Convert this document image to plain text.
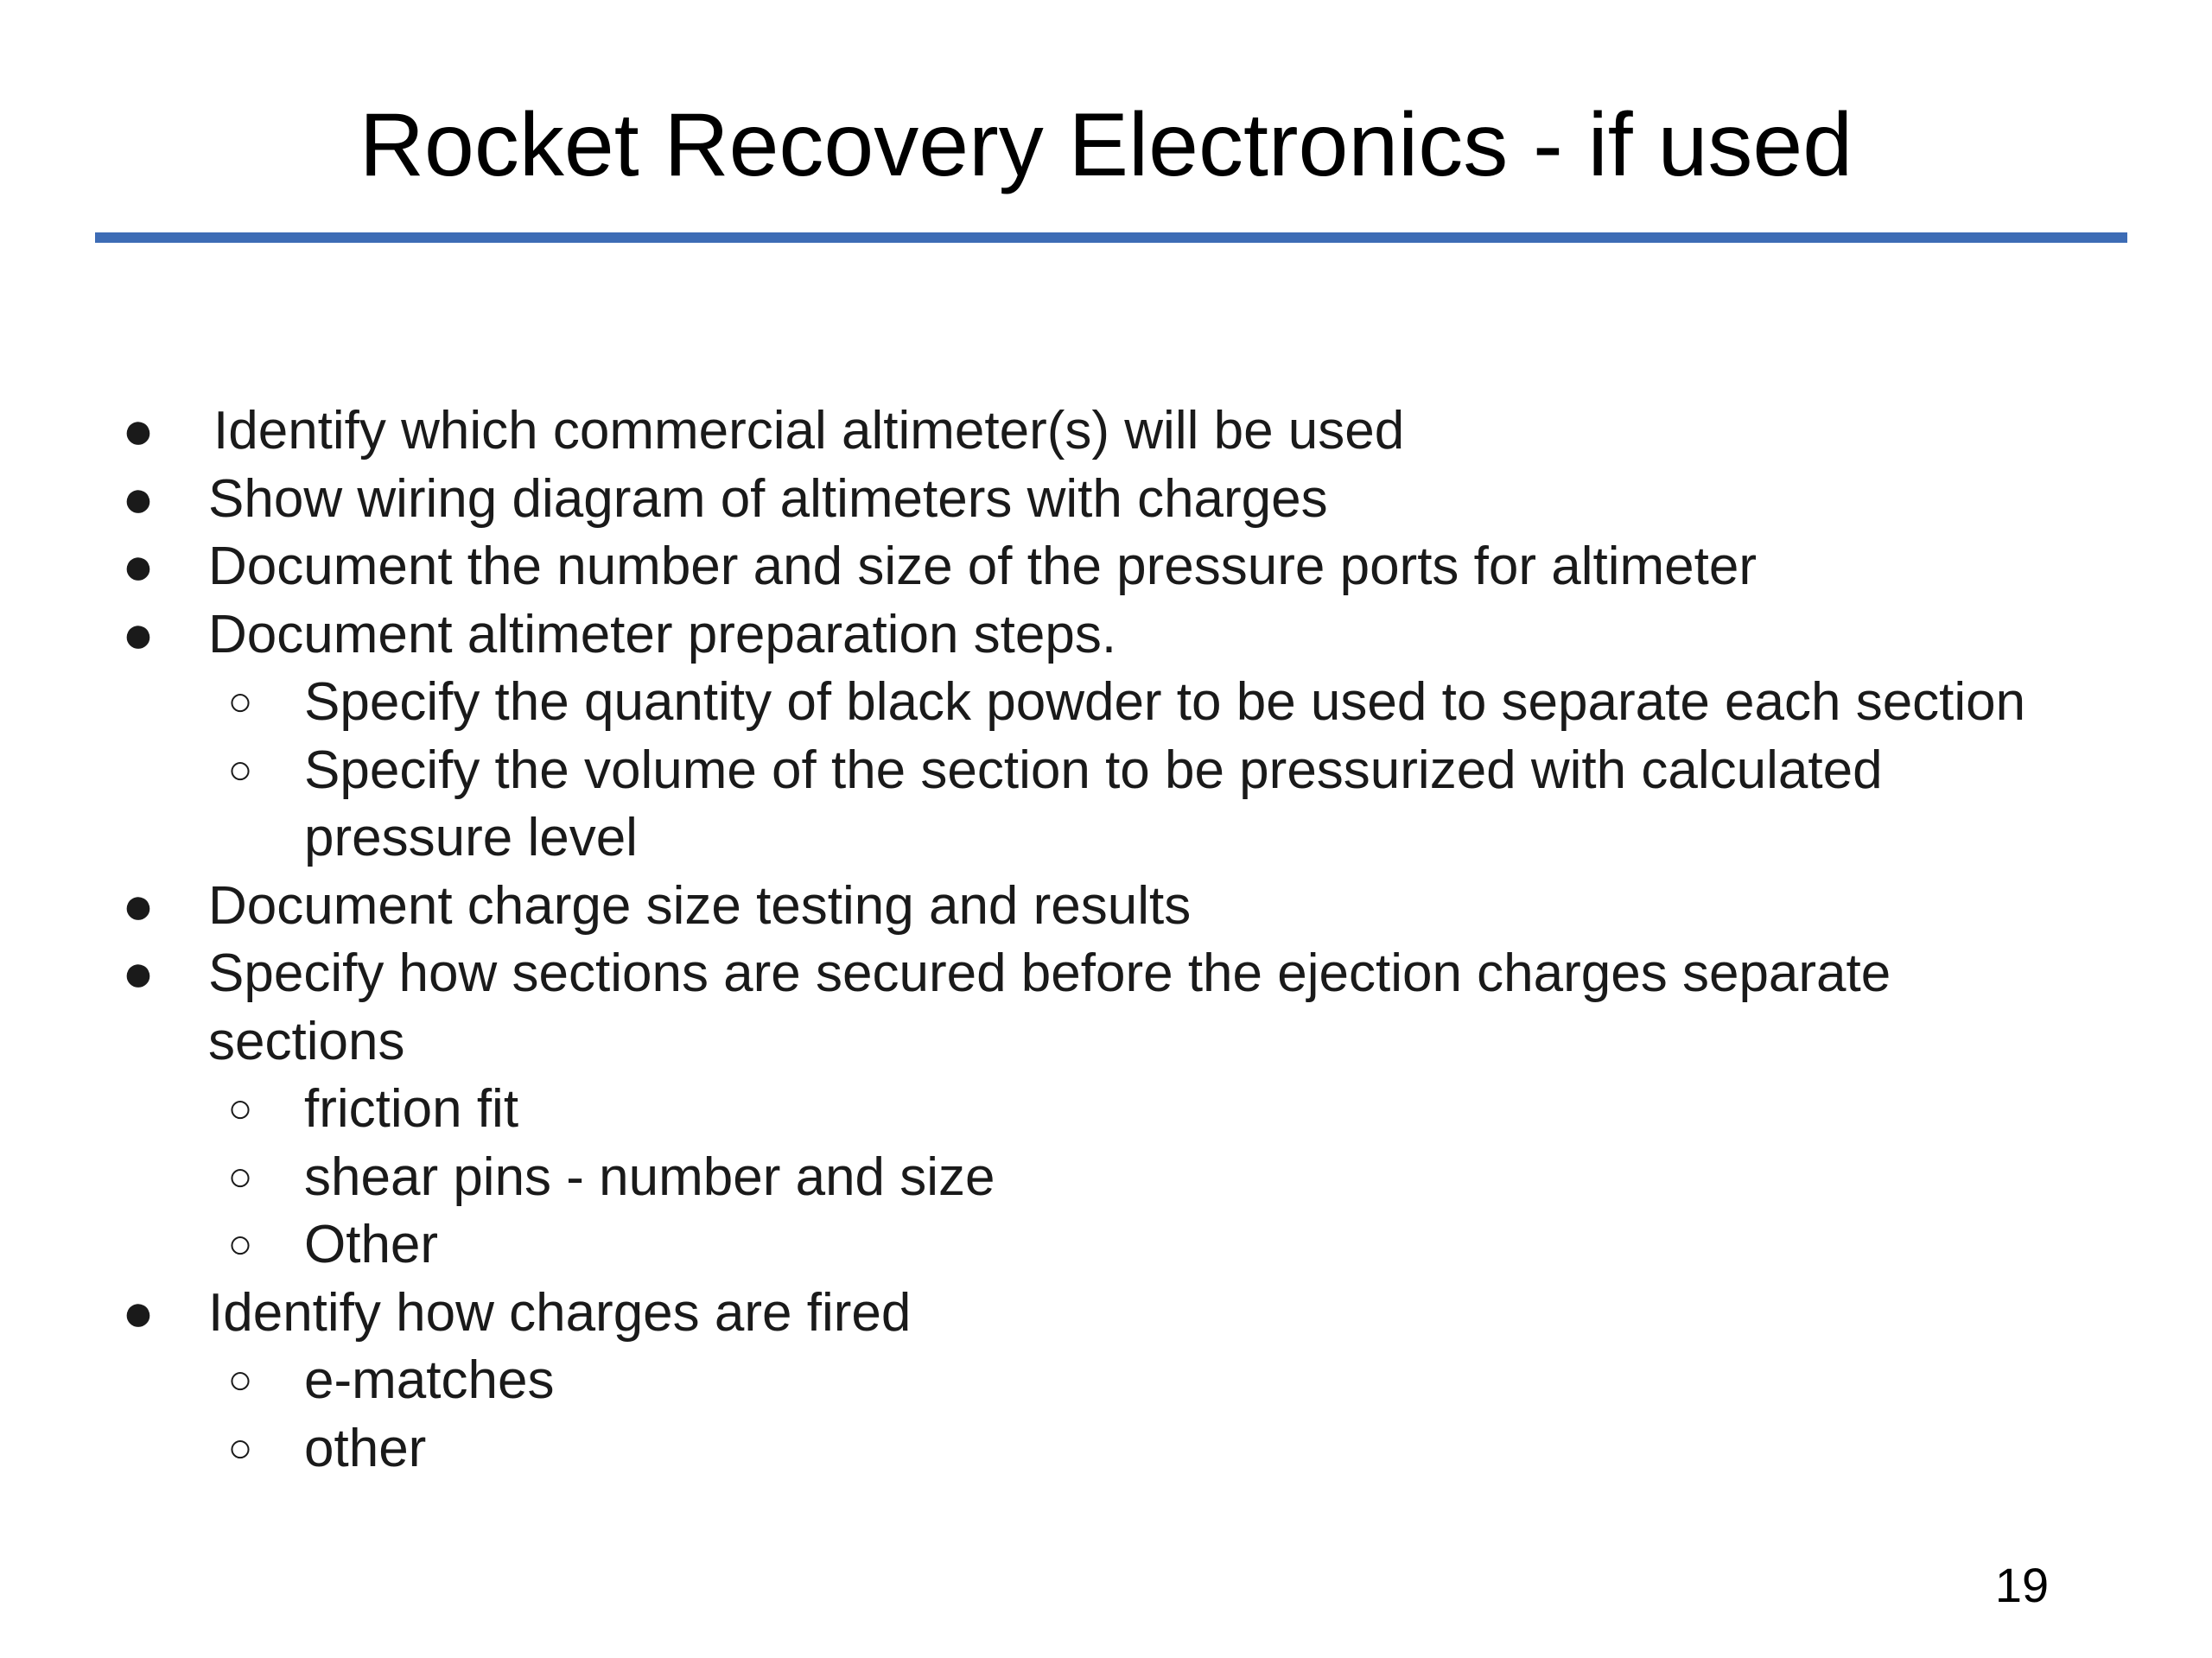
Rocket Recovery Electronics - if used
● Identify which commercial altimeter(s) will be used
● Show wiring diagram of altimeters with charges
● Document the number and size of the pressure ports for altimeter
● Document altimeter preparation steps.
○ Specify the quantity of black powder to be used to separate each section
○ Specify the volume of the section to be pressurized with calculated
pressure level
● Document charge size testing and results
● Specify how sections are secured before the ejection charges separate
sections
○ friction fit
○ shear pins - number and size
○ Other
● Identify how charges are fired
○ e-matches
○ other
19
